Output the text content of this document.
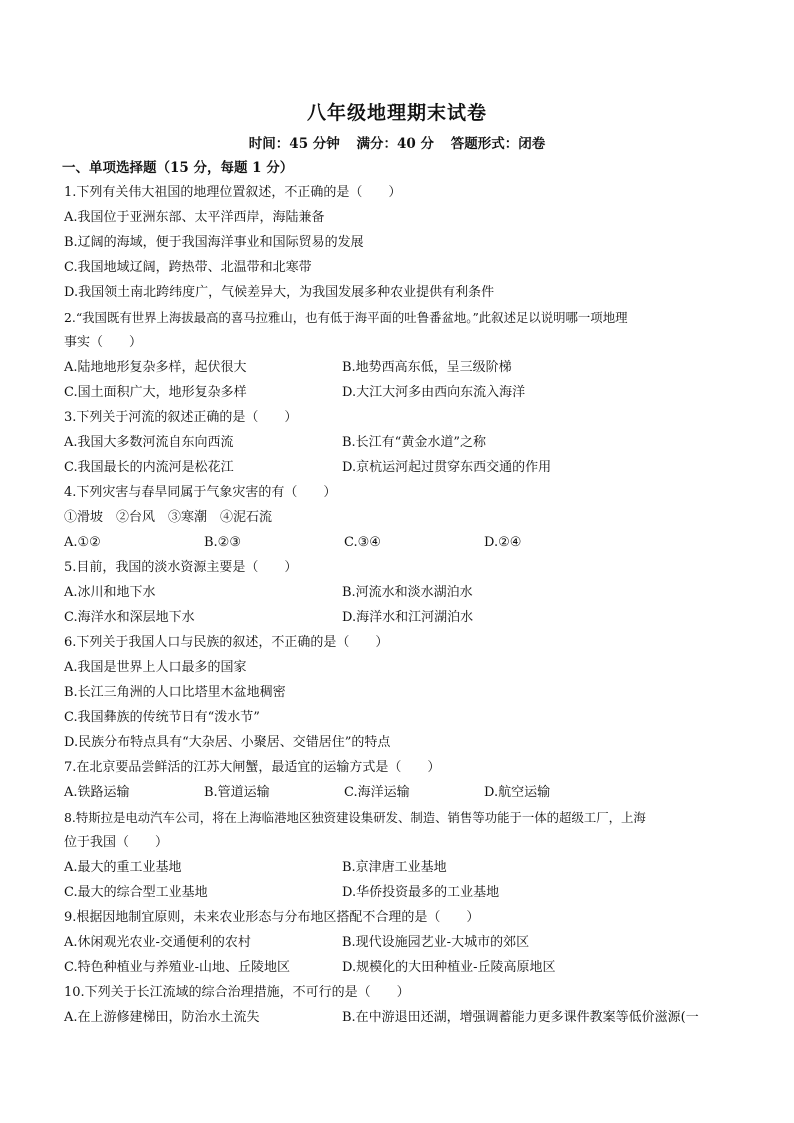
八年级地理期末试卷
时间：45 分钟 满分：40 分 答题形式：闭卷
一、单项选择题（15 分，每题 1 分）
1.下列有关伟大祖国的地理位置叙述，不正确的是（　　）
A.我国位于亚洲东部、太平洋西岸，海陆兼备
B.辽阔的海域，便于我国海洋事业和国际贸易的发展
C.我国地域辽阔，跨热带、北温带和北寒带
D.我国领土南北跨纬度广，气候差异大，为我国发展多种农业提供有利条件
2.“我国既有世界上海拔最高的喜马拉雅山，也有低于海平面的吐鲁番盆地。”此叙述足以说明哪一项地理
事实（　　）
A.陆地地形复杂多样，起伏很大	B.地势西高东低，呈三级阶梯
C.国土面积广大，地形复杂多样	D.大江大河多由西向东流入海洋
3.下列关于河流的叙述正确的是（　　）
A.我国大多数河流自东向西流	B.长江有“黄金水道”之称
C.我国最长的内流河是松花江	D.京杭运河起过贯穿东西交通的作用
4.下列灾害与春旱同属于气象灾害的有（　　）
①滑坡　②台风　③寒潮　④泥石流
A.①②	B.②③	C.③④	D.②④
5.目前，我国的淡水资源主要是（　　）
A.冰川和地下水	B.河流水和淡水湖泊水
C.海洋水和深层地下水	D.海洋水和江河湖泊水
6.下列关于我国人口与民族的叙述，不正确的是（　　）
A.我国是世界上人口最多的国家
B.长江三角洲的人口比塔里木盆地稠密
C.我国彝族的传统节日有“泼水节”
D.民族分布特点具有“大杂居、小聚居、交错居住”的特点
7.在北京要品尝鲜活的江苏大闸蟹，最适宜的运输方式是（　　）
A.铁路运输	B.管道运输	C.海洋运输	D.航空运输
8.特斯拉是电动汽车公司，将在上海临港地区独资建设集研发、制造、销售等功能于一体的超级工厂，上海
位于我国（　　）
A.最大的重工业基地	B.京津唐工业基地
C.最大的综合型工业基地	D.华侨投资最多的工业基地
9.根据因地制宜原则，未来农业形态与分布地区搭配不合理的是（　　）
A.休闲观光农业-交通便利的农村	B.现代设施园艺业-大城市的郊区
C.特色种植业与养殖业-山地、丘陵地区	D.规模化的大田种植业-丘陵高原地区
10.下列关于长江流域的综合治理措施，不可行的是（　　）
A.在上游修建梯田，防治水土流失	B.在中游退田还湖，增强调蓄能力更多课件教案等低价滋源(一
